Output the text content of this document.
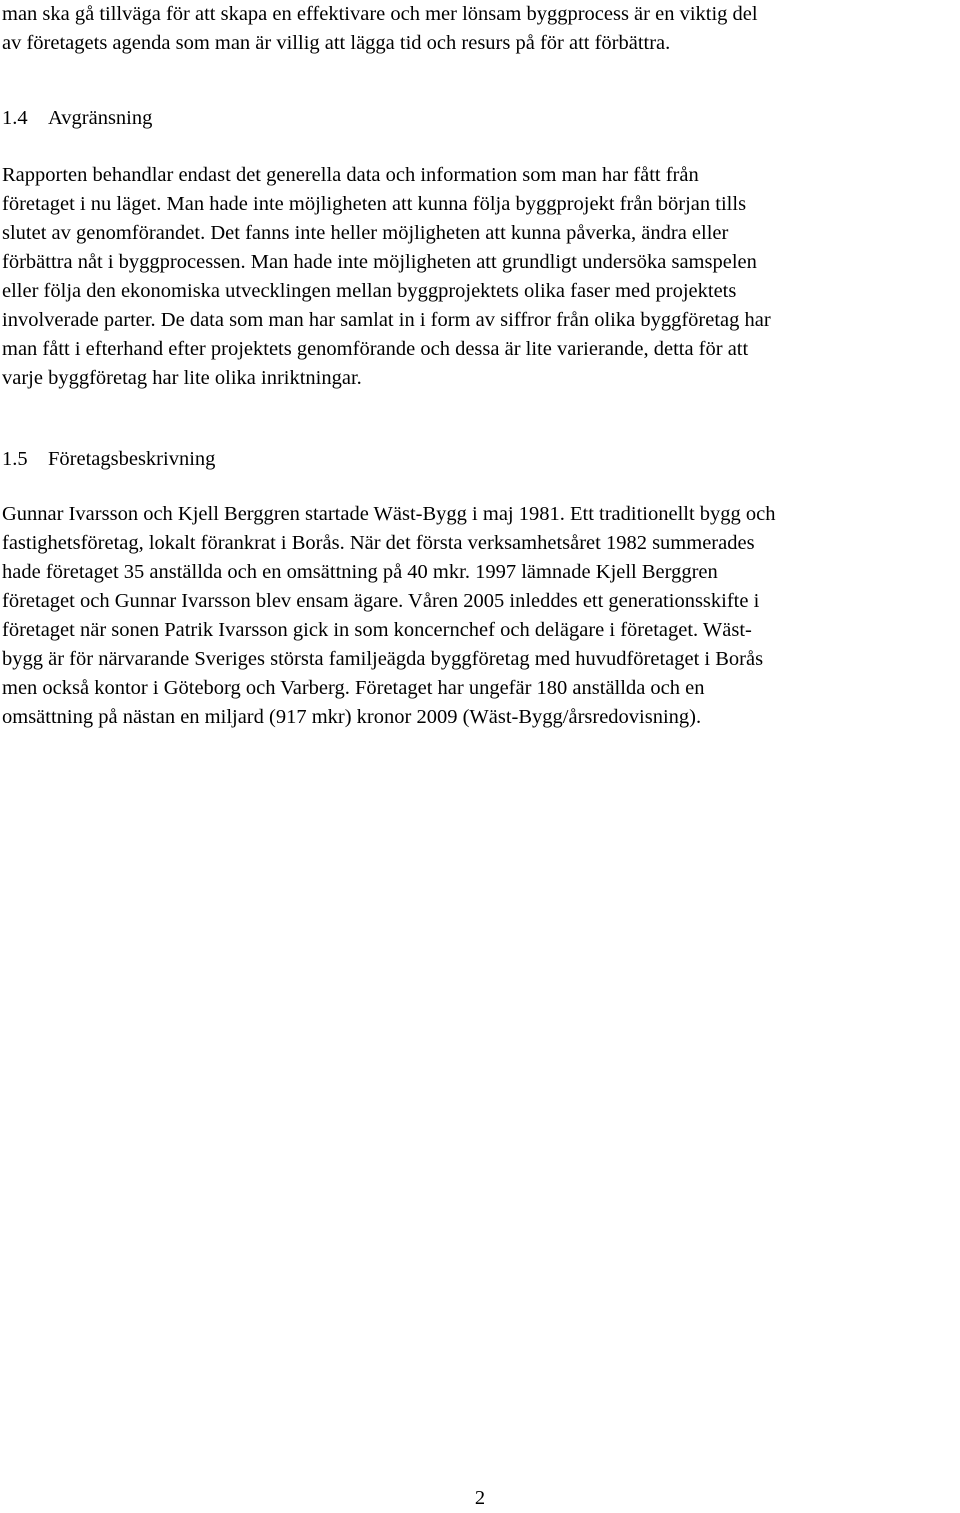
man ska gå tillväga för att skapa en effektivare och mer lönsam byggprocess är en viktig del
av företagets agenda som man är villig att lägga tid och resurs på för att förbättra.

1.4 Avgränsning

Rapporten behandlar endast det generella data och information som man har fått från
företaget i nu läget. Man hade inte möjligheten att kunna följa byggprojekt från början tills
slutet av genomförandet. Det fanns inte heller möjligheten att kunna påverka, ändra eller
förbättra nåt i byggprocessen. Man hade inte möjligheten att grundligt undersöka samspelen
eller följa den ekonomiska utvecklingen mellan byggprojektets olika faser med projektets
involverade parter. De data som man har samlat in i form av siffror från olika byggföretag har
man fått i efterhand efter projektets genomförande och dessa är lite varierande, detta för att
varje byggföretag har lite olika inriktningar.

1.5 Företagsbeskrivning

Gunnar Ivarsson och Kjell Berggren startade Wäst-Bygg i maj 1981. Ett traditionellt bygg och
fastighetsföretag, lokalt förankrat i Borås. När det första verksamhetsåret 1982 summerades
hade företaget 35 anställda och en omsättning på 40 mkr. 1997 lämnade Kjell Berggren
företaget och Gunnar Ivarsson blev ensam ägare. Våren 2005 inleddes ett generationsskifte i
företaget när sonen Patrik Ivarsson gick in som koncernchef och delägare i företaget. Wäst-
bygg är för närvarande Sveriges största familjeägda byggföretag med huvudföretaget i Borås
men också kontor i Göteborg och Varberg. Företaget har ungefär 180 anställda och en
omsättning på nästan en miljard (917 mkr) kronor 2009 (Wäst-Bygg/årsredovisning).

2
